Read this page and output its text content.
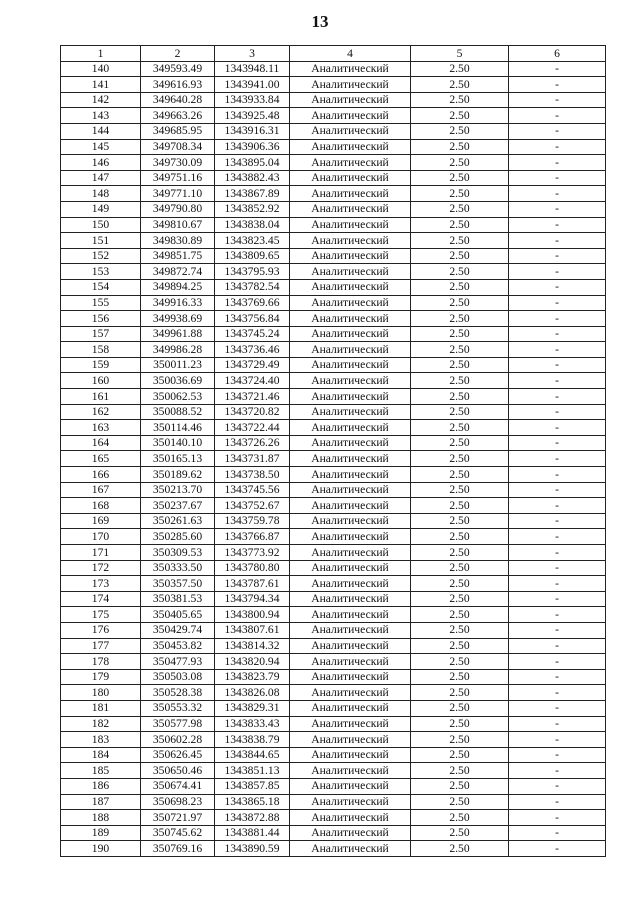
13
1	2	3	4	5	6
140	349593.49	1343948.11	Аналитический	2.50	-
141	349616.93	1343941.00	Аналитический	2.50	-
142	349640.28	1343933.84	Аналитический	2.50	-
143	349663.26	1343925.48	Аналитический	2.50	-
144	349685.95	1343916.31	Аналитический	2.50	-
145	349708.34	1343906.36	Аналитический	2.50	-
146	349730.09	1343895.04	Аналитический	2.50	-
147	349751.16	1343882.43	Аналитический	2.50	-
148	349771.10	1343867.89	Аналитический	2.50	-
149	349790.80	1343852.92	Аналитический	2.50	-
150	349810.67	1343838.04	Аналитический	2.50	-
151	349830.89	1343823.45	Аналитический	2.50	-
152	349851.75	1343809.65	Аналитический	2.50	-
153	349872.74	1343795.93	Аналитический	2.50	-
154	349894.25	1343782.54	Аналитический	2.50	-
155	349916.33	1343769.66	Аналитический	2.50	-
156	349938.69	1343756.84	Аналитический	2.50	-
157	349961.88	1343745.24	Аналитический	2.50	-
158	349986.28	1343736.46	Аналитический	2.50	-
159	350011.23	1343729.49	Аналитический	2.50	-
160	350036.69	1343724.40	Аналитический	2.50	-
161	350062.53	1343721.46	Аналитический	2.50	-
162	350088.52	1343720.82	Аналитический	2.50	-
163	350114.46	1343722.44	Аналитический	2.50	-
164	350140.10	1343726.26	Аналитический	2.50	-
165	350165.13	1343731.87	Аналитический	2.50	-
166	350189.62	1343738.50	Аналитический	2.50	-
167	350213.70	1343745.56	Аналитический	2.50	-
168	350237.67	1343752.67	Аналитический	2.50	-
169	350261.63	1343759.78	Аналитический	2.50	-
170	350285.60	1343766.87	Аналитический	2.50	-
171	350309.53	1343773.92	Аналитический	2.50	-
172	350333.50	1343780.80	Аналитический	2.50	-
173	350357.50	1343787.61	Аналитический	2.50	-
174	350381.53	1343794.34	Аналитический	2.50	-
175	350405.65	1343800.94	Аналитический	2.50	-
176	350429.74	1343807.61	Аналитический	2.50	-
177	350453.82	1343814.32	Аналитический	2.50	-
178	350477.93	1343820.94	Аналитический	2.50	-
179	350503.08	1343823.79	Аналитический	2.50	-
180	350528.38	1343826.08	Аналитический	2.50	-
181	350553.32	1343829.31	Аналитический	2.50	-
182	350577.98	1343833.43	Аналитический	2.50	-
183	350602.28	1343838.79	Аналитический	2.50	-
184	350626.45	1343844.65	Аналитический	2.50	-
185	350650.46	1343851.13	Аналитический	2.50	-
186	350674.41	1343857.85	Аналитический	2.50	-
187	350698.23	1343865.18	Аналитический	2.50	-
188	350721.97	1343872.88	Аналитический	2.50	-
189	350745.62	1343881.44	Аналитический	2.50	-
190	350769.16	1343890.59	Аналитический	2.50	-
